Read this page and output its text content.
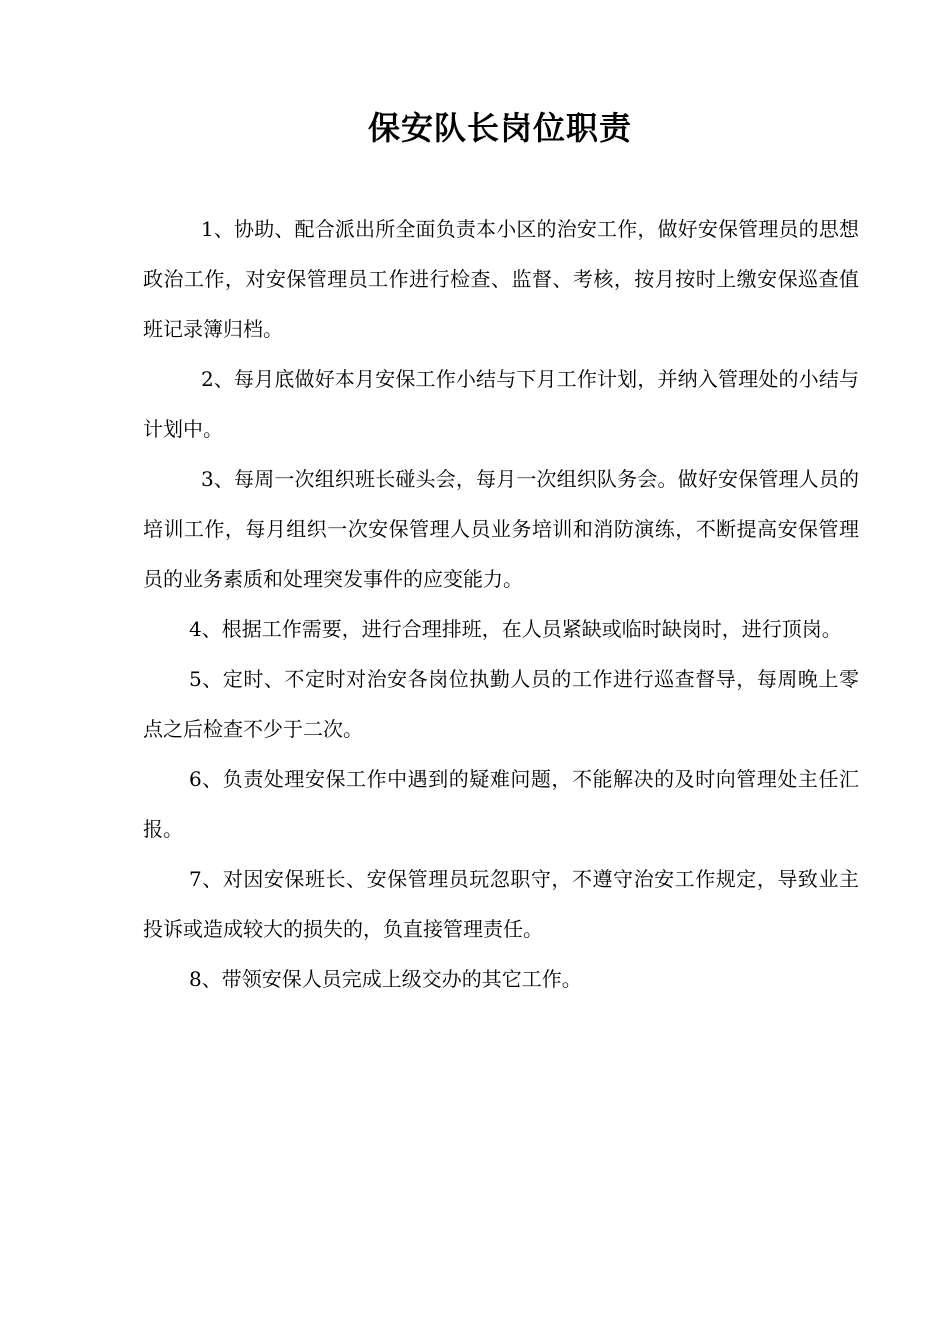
保安队长岗位职责

1、协助、配合派出所全面负责本小区的治安工作，做好安保管理员的思想政治工作，对安保管理员工作进行检查、监督、考核，按月按时上缴安保巡查值班记录簿归档。

2、每月底做好本月安保工作小结与下月工作计划，并纳入管理处的小结与计划中。

3、每周一次组织班长碰头会，每月一次组织队务会。做好安保管理人员的培训工作，每月组织一次安保管理人员业务培训和消防演练，不断提高安保管理员的业务素质和处理突发事件的应变能力。

4、根据工作需要，进行合理排班，在人员紧缺或临时缺岗时，进行顶岗。

5、定时、不定时对治安各岗位执勤人员的工作进行巡查督导，每周晚上零点之后检查不少于二次。

6、负责处理安保工作中遇到的疑难问题，不能解决的及时向管理处主任汇报。

7、对因安保班长、安保管理员玩忽职守，不遵守治安工作规定，导致业主投诉或造成较大的损失的，负直接管理责任。

8、带领安保人员完成上级交办的其它工作。
